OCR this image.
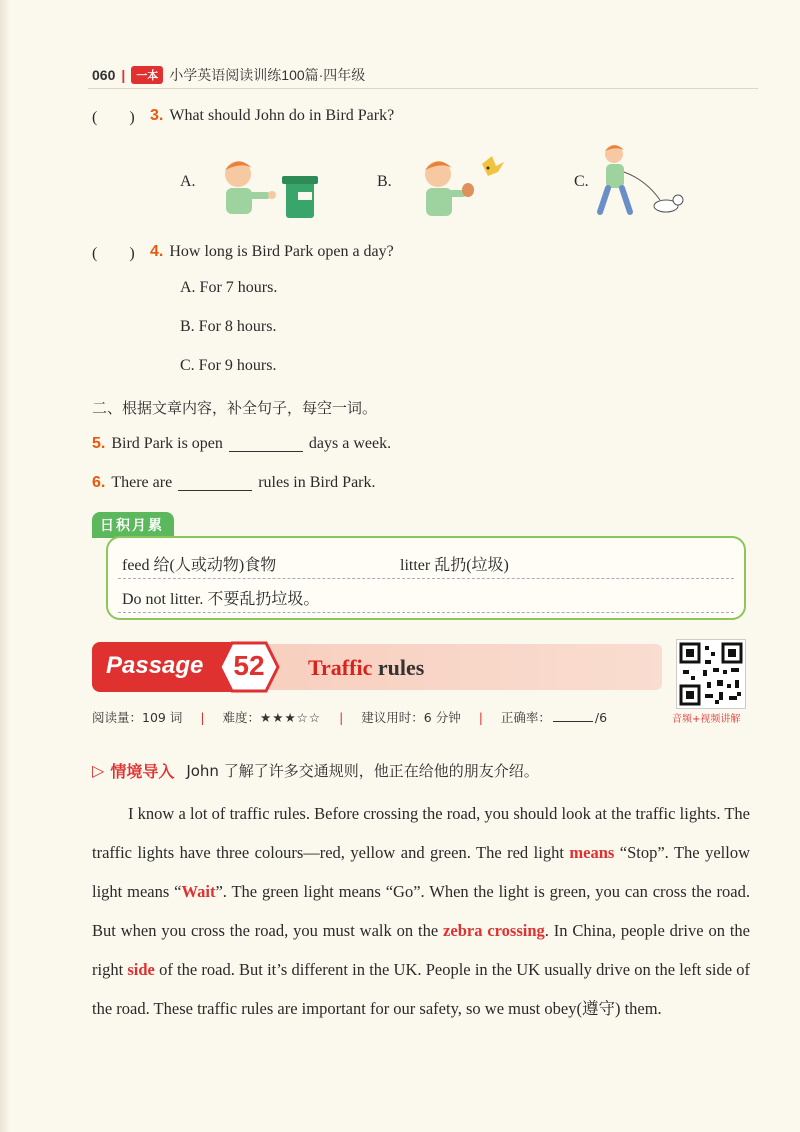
060 |	一本 小学英语阅读训练100篇·四年级
(　　) 3. What should John do in Bird Park?
A.	B.	C.
(　　) 4. How long is Bird Park open a day?
A. For 7 hours.
B. For 8 hours.
C. For 9 hours.
二、根据文章内容，补全句子，每空一词。
5. Bird Park is open	days a week.
6. There are	rules in Bird Park.
日积月累
feed 给(人或动物)食物	litter 乱扔(垃圾)
Do not litter. 不要乱扔垃圾。
Passage	52	Traffic rules
音频+视频讲解
阅读量：109 词 | 难度：★★★☆☆ | 建议用时：6 分钟 | 正确率：	/6
▷ 情境导入 John 了解了许多交通规则，他正在给他的朋友介绍。
I know a lot of traffic rules. Before crossing the road, you should look at the traffic lights. The traffic lights have three colours—red, yellow and green. The red light means “Stop”. The yellow light means “Wait”. The green light means “Go”. When the light is green, you can cross the road. But when you cross the road, you must walk on the zebra crossing. In China, people drive on the right side of the road. But it’s different in the UK. People in the UK usually drive on the left side of the road. These traffic rules are important for our safety, so we must obey(遵守) them.
